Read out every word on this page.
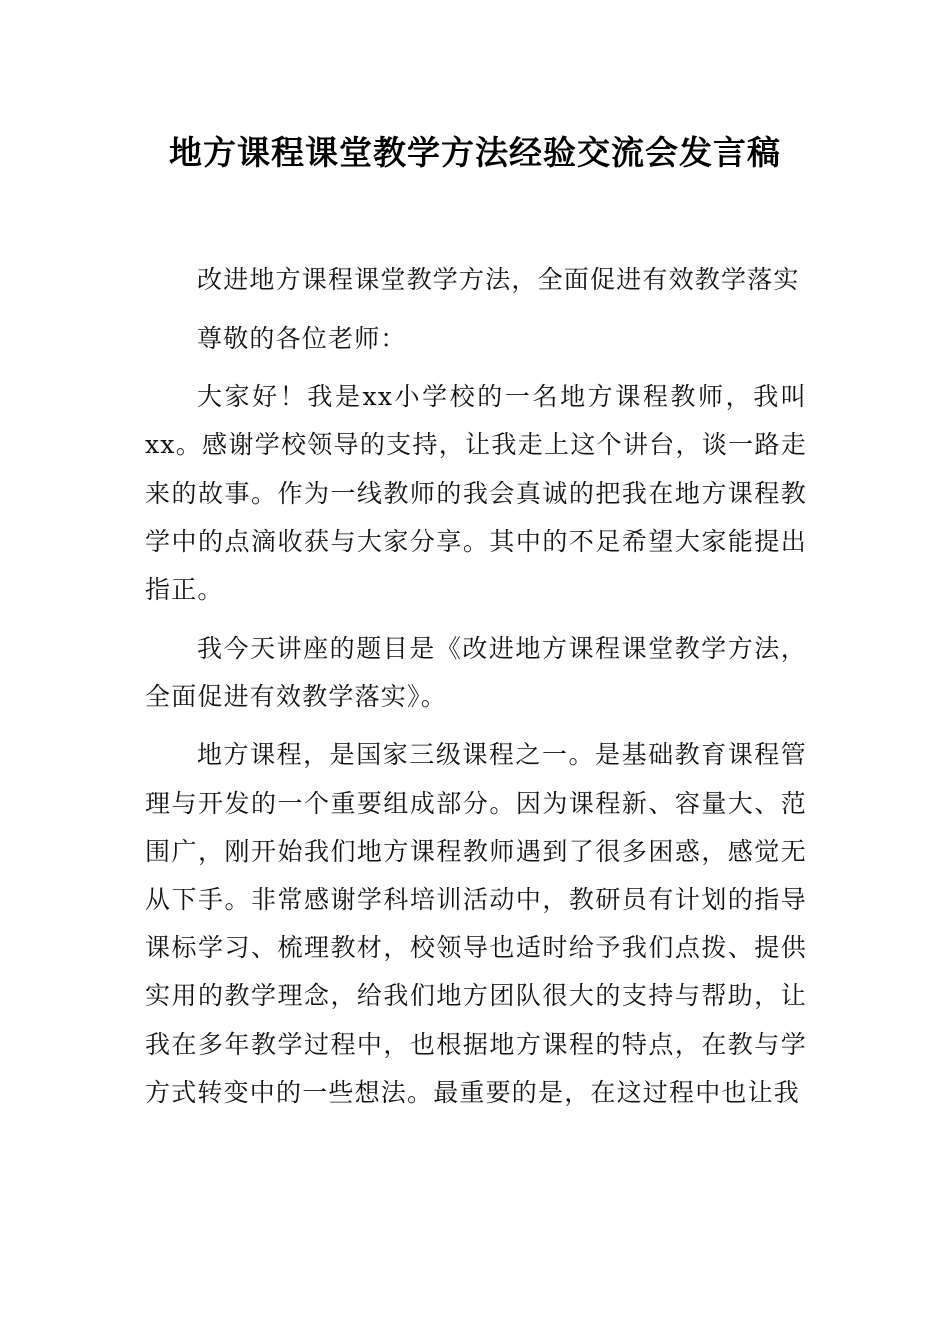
地方课程课堂教学方法经验交流会发言稿

改进地方课程课堂教学方法，全面促进有效教学落实

尊敬的各位老师：

大家好！我是xx小学校的一名地方课程教师，我叫xx。感谢学校领导的支持，让我走上这个讲台，谈一路走来的故事。作为一线教师的我会真诚的把我在地方课程教学中的点滴收获与大家分享。其中的不足希望大家能提出指正。

我今天讲座的题目是《改进地方课程课堂教学方法，全面促进有效教学落实》。

地方课程，是国家三级课程之一。是基础教育课程管理与开发的一个重要组成部分。因为课程新、容量大、范围广，刚开始我们地方课程教师遇到了很多困惑，感觉无从下手。非常感谢学科培训活动中，教研员有计划的指导课标学习、梳理教材，校领导也适时给予我们点拨、提供实用的教学理念，给我们地方团队很大的支持与帮助，让我在多年教学过程中，也根据地方课程的特点，在教与学方式转变中的一些想法。最重要的是，在这过程中也让我
